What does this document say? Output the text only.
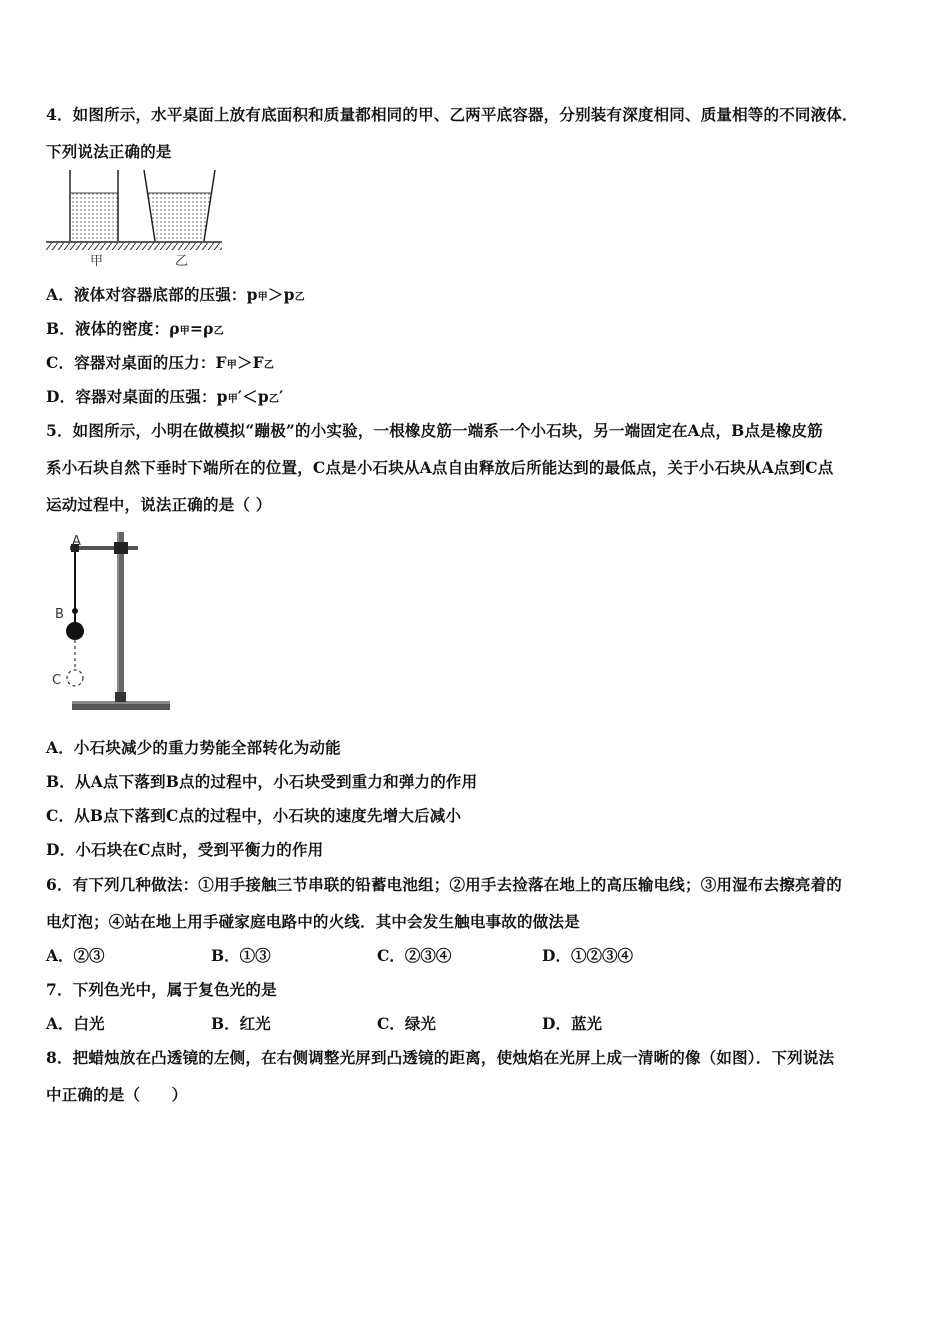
4．如图所示，水平桌面上放有底面积和质量都相同的甲、乙两平底容器，分别装有深度相同、质量相等的不同液体．
下列说法正确的是
甲	乙
A．液体对容器底部的压强：p甲＞p乙
B．液体的密度：ρ甲=ρ乙
C．容器对桌面的压力：F甲＞F乙
D．容器对桌面的压强：p甲′＜p乙′
5．如图所示，小明在做模拟“蹦极”的小实验，一根橡皮筋一端系一个小石块，另一端固定在A点，B点是橡皮筋
系小石块自然下垂时下端所在的位置，C点是小石块从A点自由释放后所能达到的最低点，关于小石块从A点到C点
运动过程中，说法正确的是（ ）
A
B
C
A．小石块减少的重力势能全部转化为动能
B．从A点下落到B点的过程中，小石块受到重力和弹力的作用
C．从B点下落到C点的过程中，小石块的速度先增大后减小
D．小石块在C点时，受到平衡力的作用
6．有下列几种做法：①用手接触三节串联的铅蓄电池组；②用手去捡落在地上的高压输电线；③用湿布去擦亮着的
电灯泡；④站在地上用手碰家庭电路中的火线．其中会发生触电事故的做法是
A．②③	B．①③	C．②③④	D．①②③④
7．下列色光中，属于复色光的是
A．白光	B．红光	C．绿光	D．蓝光
8．把蜡烛放在凸透镜的左侧，在右侧调整光屏到凸透镜的距离，使烛焰在光屏上成一清晰的像（如图）．下列说法
中正确的是（　　）
